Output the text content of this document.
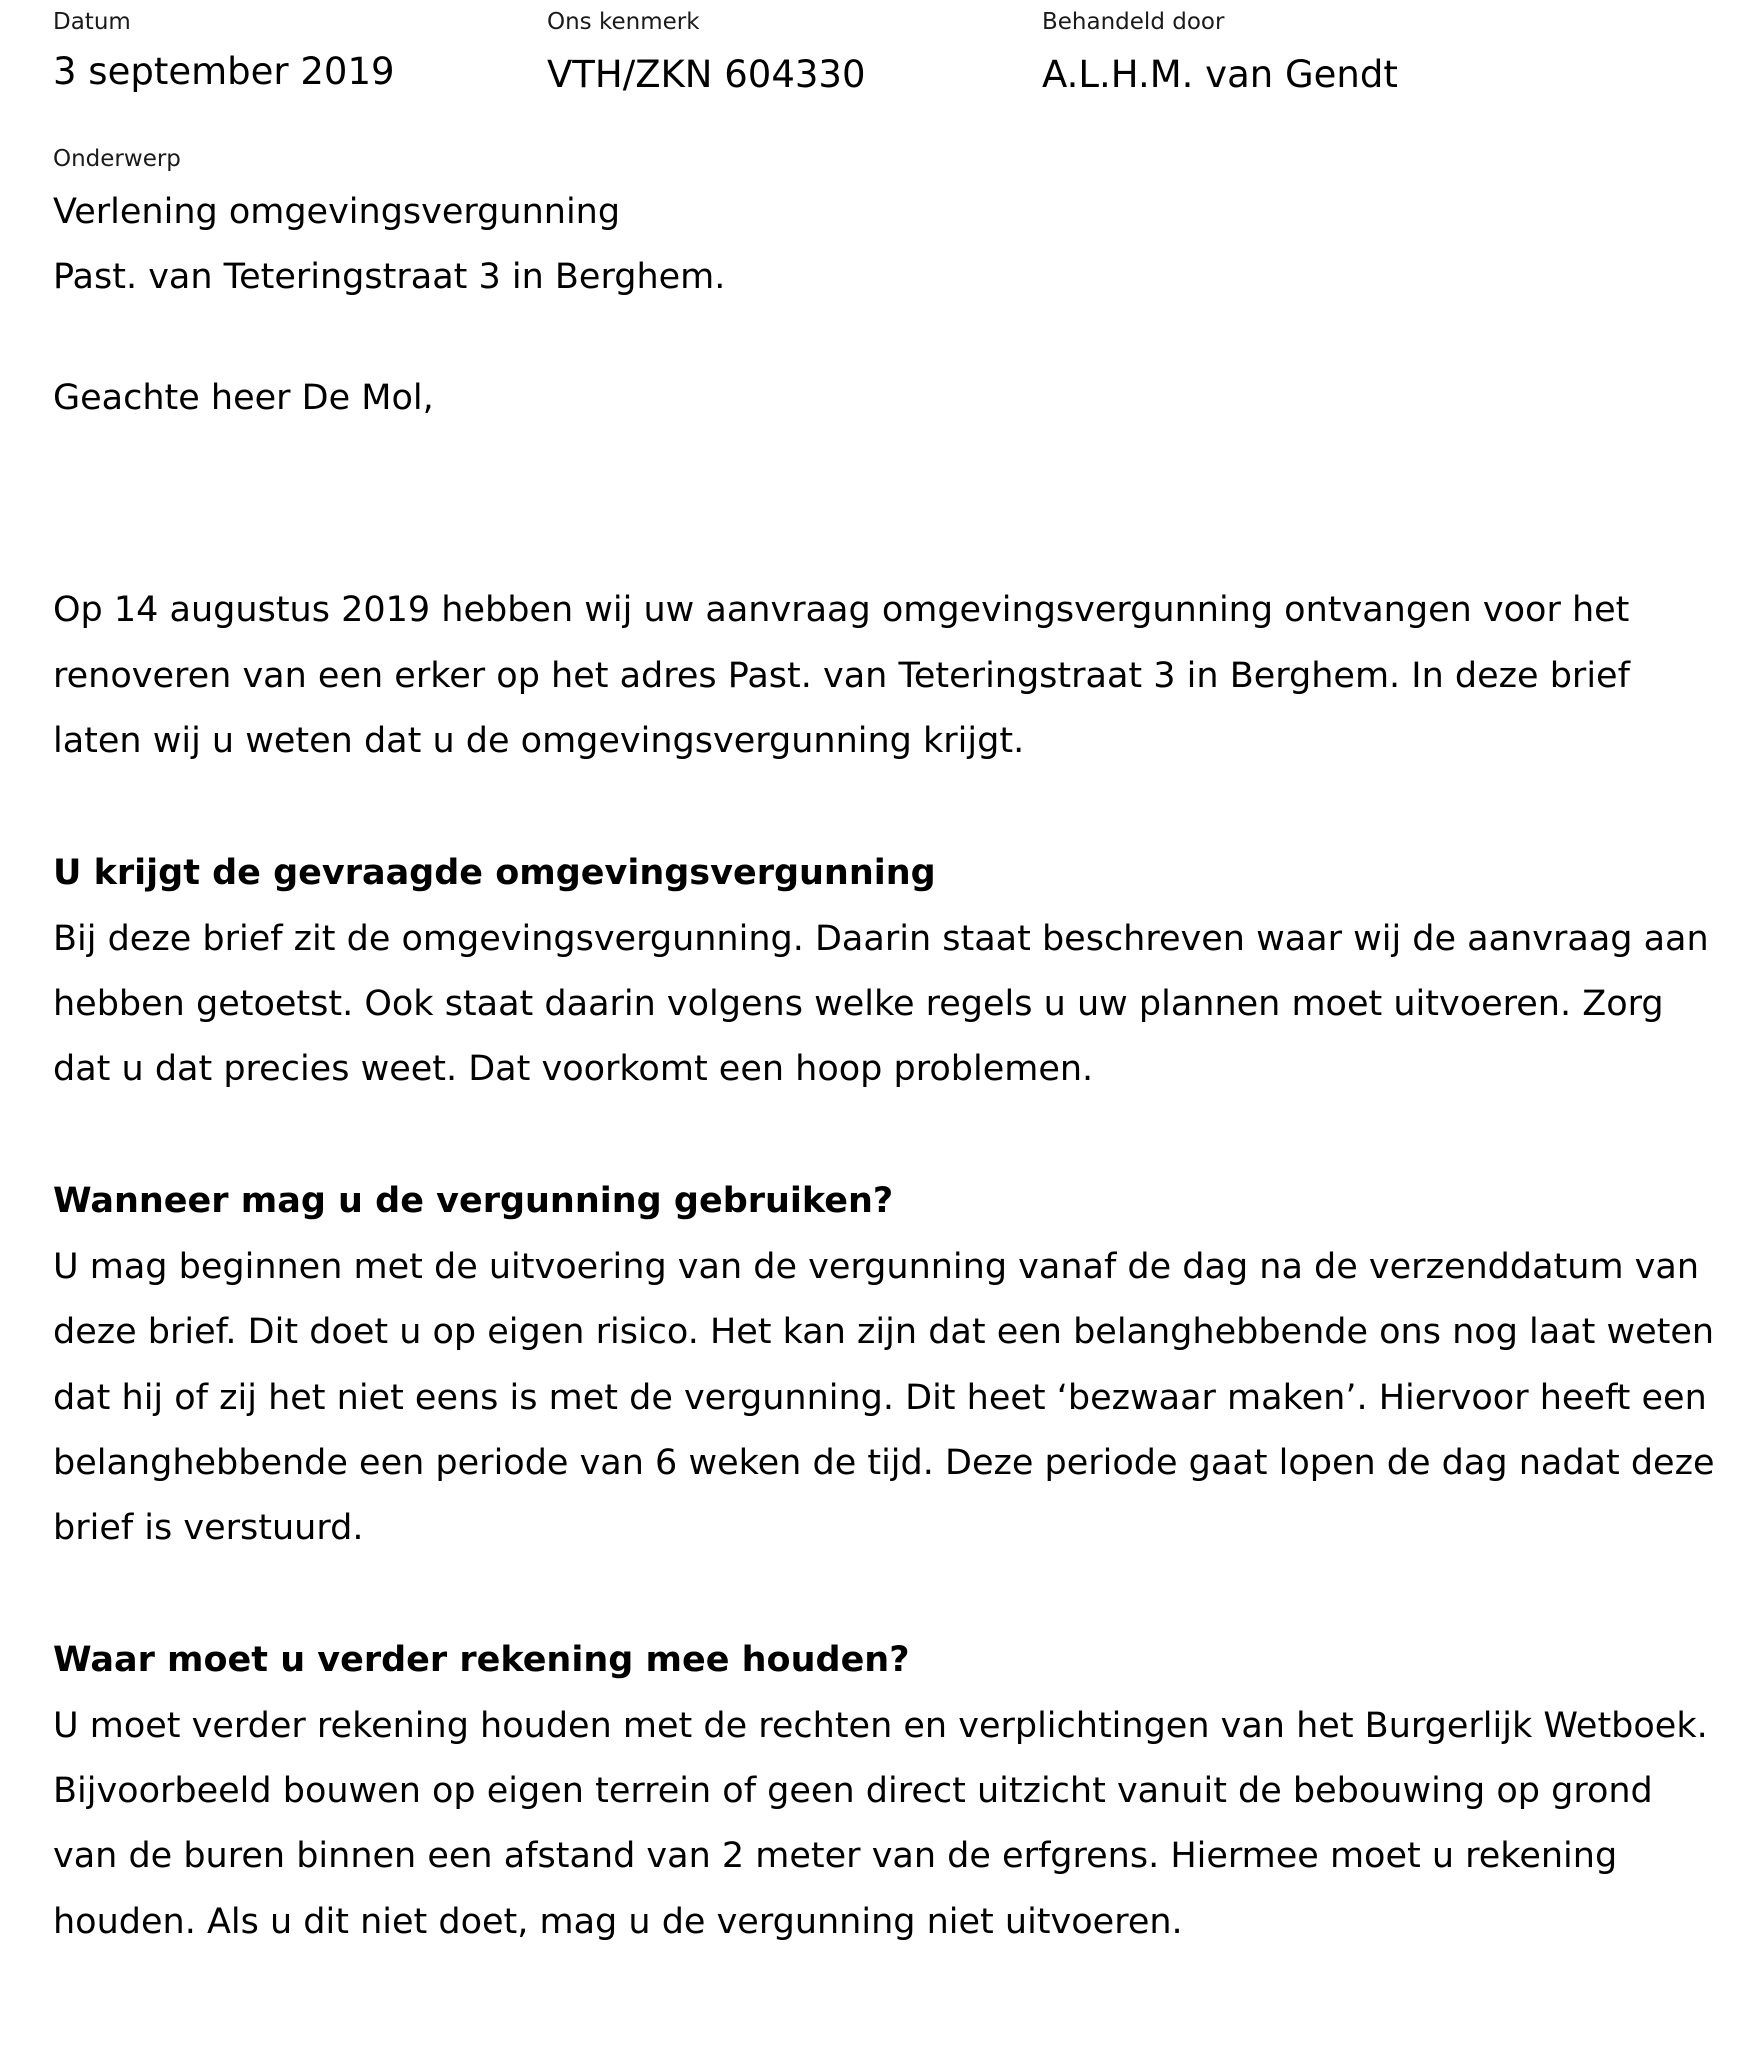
Datum
3 september 2019
Ons kenmerk
VTH/ZKN 604330
Behandeld door
A.L.H.M. van Gendt
Onderwerp
Verlening omgevingsvergunning
Past. van Teteringstraat 3 in Berghem.
Geachte heer De Mol,
Op 14 augustus 2019 hebben wij uw aanvraag omgevingsvergunning ontvangen voor het
renoveren van een erker op het adres Past. van Teteringstraat 3 in Berghem. In deze brief
laten wij u weten dat u de omgevingsvergunning krijgt.
U krijgt de gevraagde omgevingsvergunning
Bij deze brief zit de omgevingsvergunning. Daarin staat beschreven waar wij de aanvraag aan
hebben getoetst. Ook staat daarin volgens welke regels u uw plannen moet uitvoeren. Zorg
dat u dat precies weet. Dat voorkomt een hoop problemen.
Wanneer mag u de vergunning gebruiken?
U mag beginnen met de uitvoering van de vergunning vanaf de dag na de verzenddatum van
deze brief. Dit doet u op eigen risico. Het kan zijn dat een belanghebbende ons nog laat weten
dat hij of zij het niet eens is met de vergunning. Dit heet ‘bezwaar maken’. Hiervoor heeft een
belanghebbende een periode van 6 weken de tijd. Deze periode gaat lopen de dag nadat deze
brief is verstuurd.
Waar moet u verder rekening mee houden?
U moet verder rekening houden met de rechten en verplichtingen van het Burgerlijk Wetboek.
Bijvoorbeeld bouwen op eigen terrein of geen direct uitzicht vanuit de bebouwing op grond
van de buren binnen een afstand van 2 meter van de erfgrens. Hiermee moet u rekening
houden. Als u dit niet doet, mag u de vergunning niet uitvoeren.
